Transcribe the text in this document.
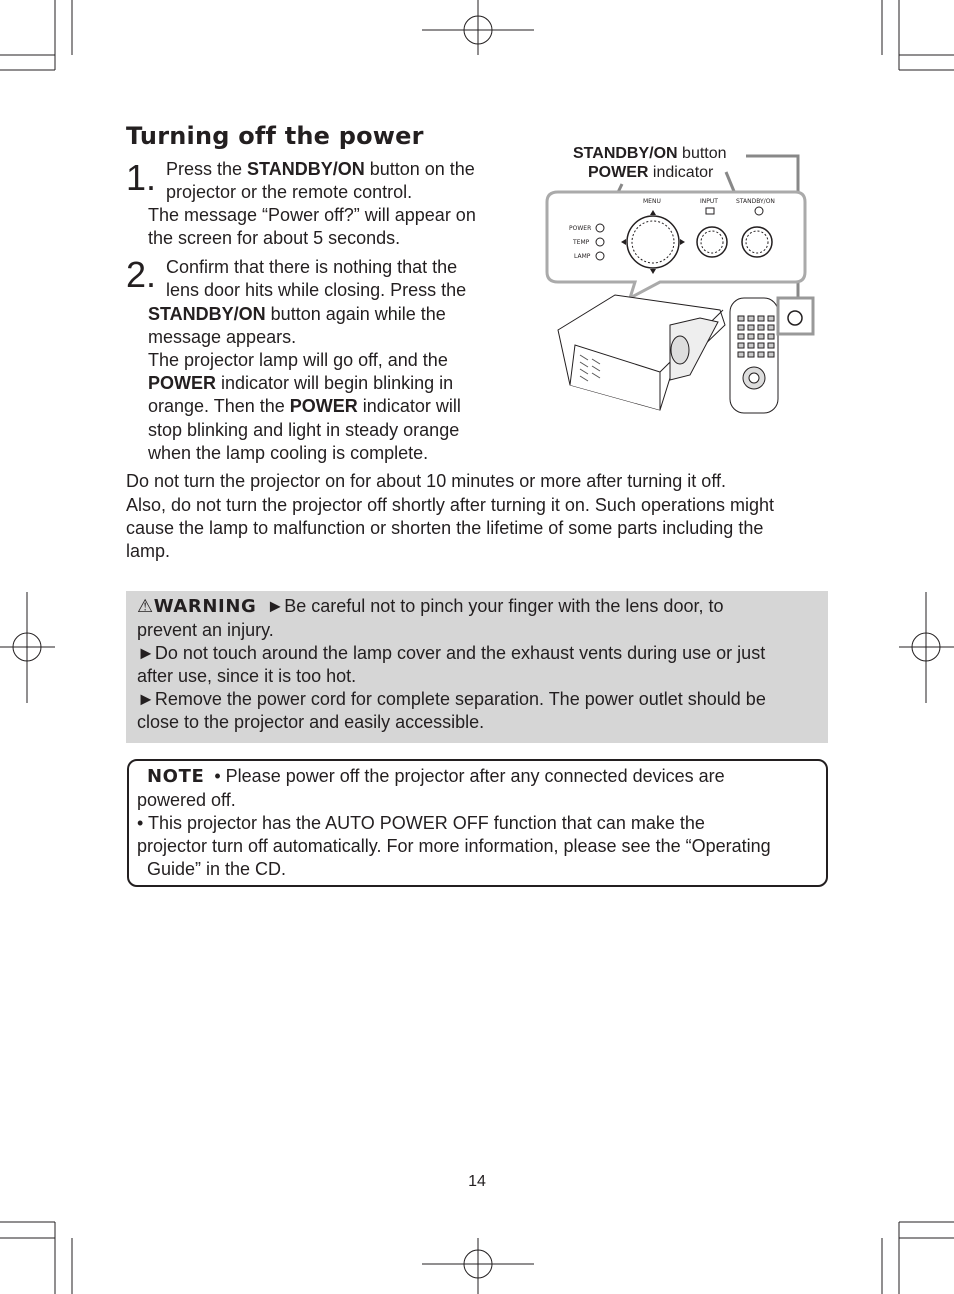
Turning off the power
1. Press the STANDBY/ON button on the
projector or the remote control.
The message “Power off?” will appear on
the screen for about 5 seconds.
2. Confirm that there is nothing that the
lens door hits while closing. Press the
STANDBY/ON button again while the
message appears.
The projector lamp will go off, and the
POWER indicator will begin blinking in
orange. Then the POWER indicator will
stop blinking and light in steady orange
when the lamp cooling is complete.
Do not turn the projector on for about 10 minutes or more after turning it off.
Also, do not turn the projector off shortly after turning it on. Such operations might
cause the lamp to malfunction or shorten the lifetime of some parts including the
lamp.
STANDBY/ON button
POWER indicator
POWER
TEMP
LAMP
MENU	INPUT	STANDBY/ON
⚠WARNING ►Be careful not to pinch your finger with the lens door, to
prevent an injury.
►Do not touch around the lamp cover and the exhaust vents during use or just
after use, since it is too hot.
►Remove the power cord for complete separation. The power outlet should be
close to the projector and easily accessible.
NOTE • Please power off the projector after any connected devices are
powered off.
• This projector has the AUTO POWER OFF function that can make the
projector turn off automatically. For more information, please see the “Operating
Guide” in the CD.
14
